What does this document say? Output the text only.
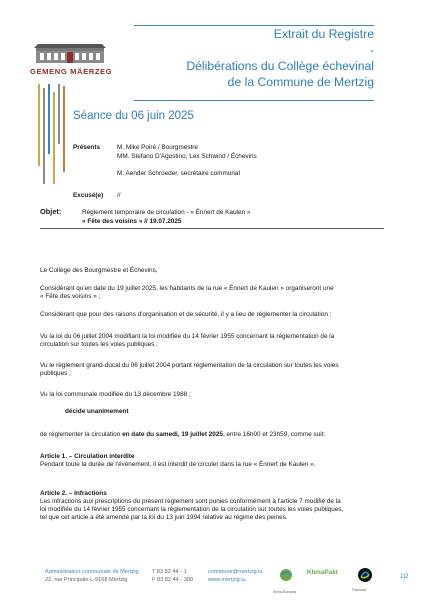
GEMENG MÄERZEG
Extrait du Registre
-
Délibérations du Collège échevinal
de la Commune de Mertzig
Séance du 06 juin 2025
Présents	M. Mike Poiré / Bourgmestre
MM. Stefano D'Agostino, Lex Schwind / Échevins
M. Aender Schroeder, secrétaire communal
Excusé(e) //
Objet:	Règlement temporaire de circulation - « Ënnert de Kaulen »
« Fête des voisins » // 19.07.2025
Le Collège des Bourgmestre et Échevins,
Considérant qu'en date du 19 juillet 2025, les habitants de la rue « Ënnert de Kaulen » organiseront une
« Fête des voisins » ;
Considérant que pour des raisons d'organisation et de sécurité, il y a lieu de réglementer la circulation ;
Vu la loi du 06 juillet 2004 modifiant la loi modifiée du 14 février 1955 concernant la réglementation de la
circulation sur toutes les voies publiques ;
Vu le règlement grand-ducal du 06 juillet 2004 portant réglementation de la circulation sur toutes les voies
publiques ;
Vu la loi communale modifiée du 13 décembre 1988 ;
décide unanimement
de réglementer la circulation en date du samedi, 19 juillet 2025, entre 16h00 et 23h59, comme suit:
Article 1. – Circulation interdite
Pendant toute la durée de l'évènement, il est interdit de circuler dans la rue « Ënnert de Kaulen ».
Article 2. – Infractions
Les infractions aux prescriptions du présent règlement sont punies conformément à l'article 7 modifié de la
loi modifiée du 14 février 1955 concernant la réglementation de la circulation sur toutes les voies publiques,
tel que cet article a été amendé par la loi du 13 juin 1994 relative au régime des peines.
Administration communale de Mertzig
22, rue Principale L-9168 Mertzig
T 83 82 44 - 1
F 83 82 44 - 300
commune@mertzig.lu
www.mertzig.lu
Klima-Bündnis
KlimaPakt
Fairtrade
1|2
